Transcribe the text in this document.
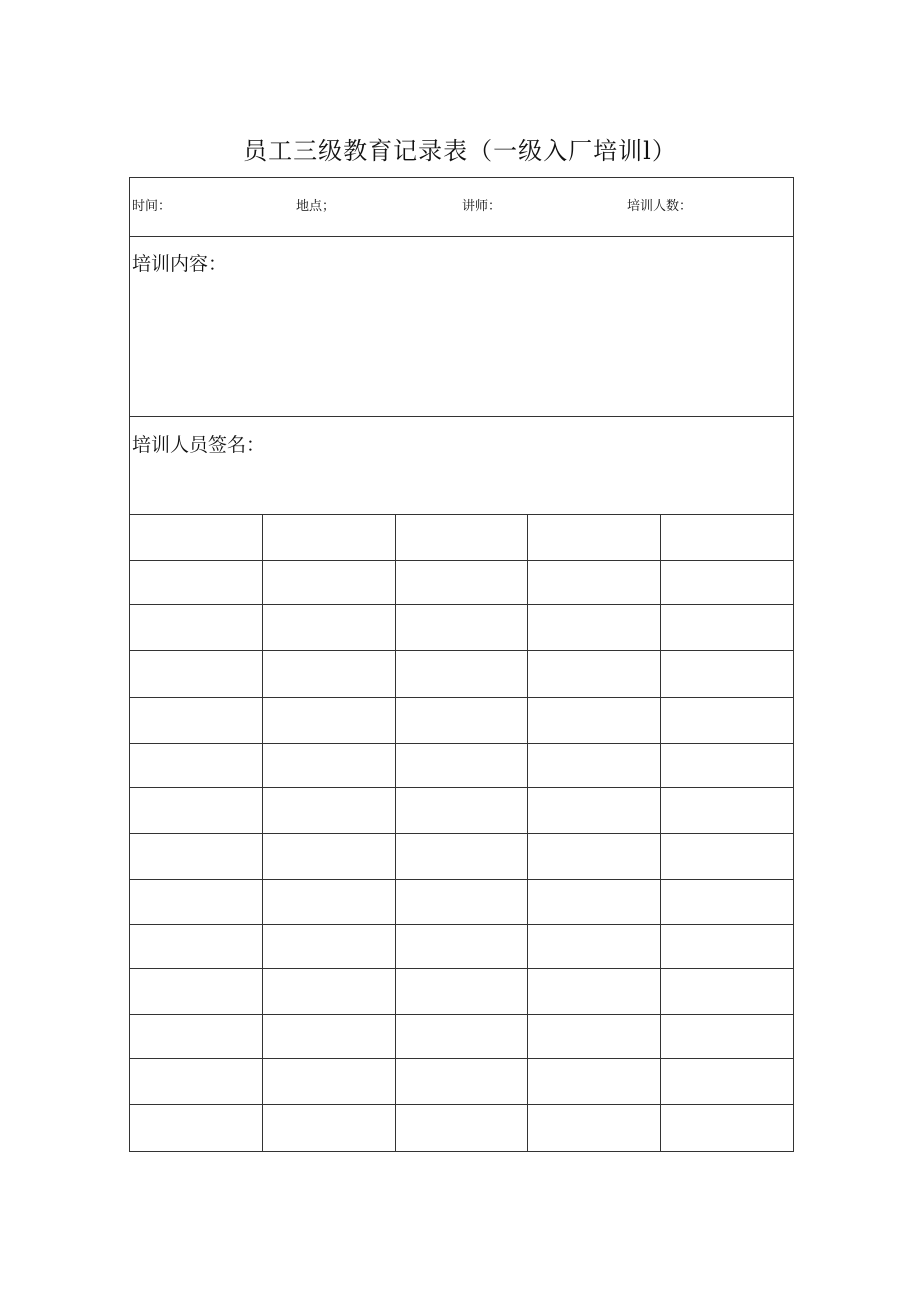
员工三级教育记录表（一级入厂培训l）
时间：	地点；	讲师：	培训人数：
培训内容：
培训人员签名：
